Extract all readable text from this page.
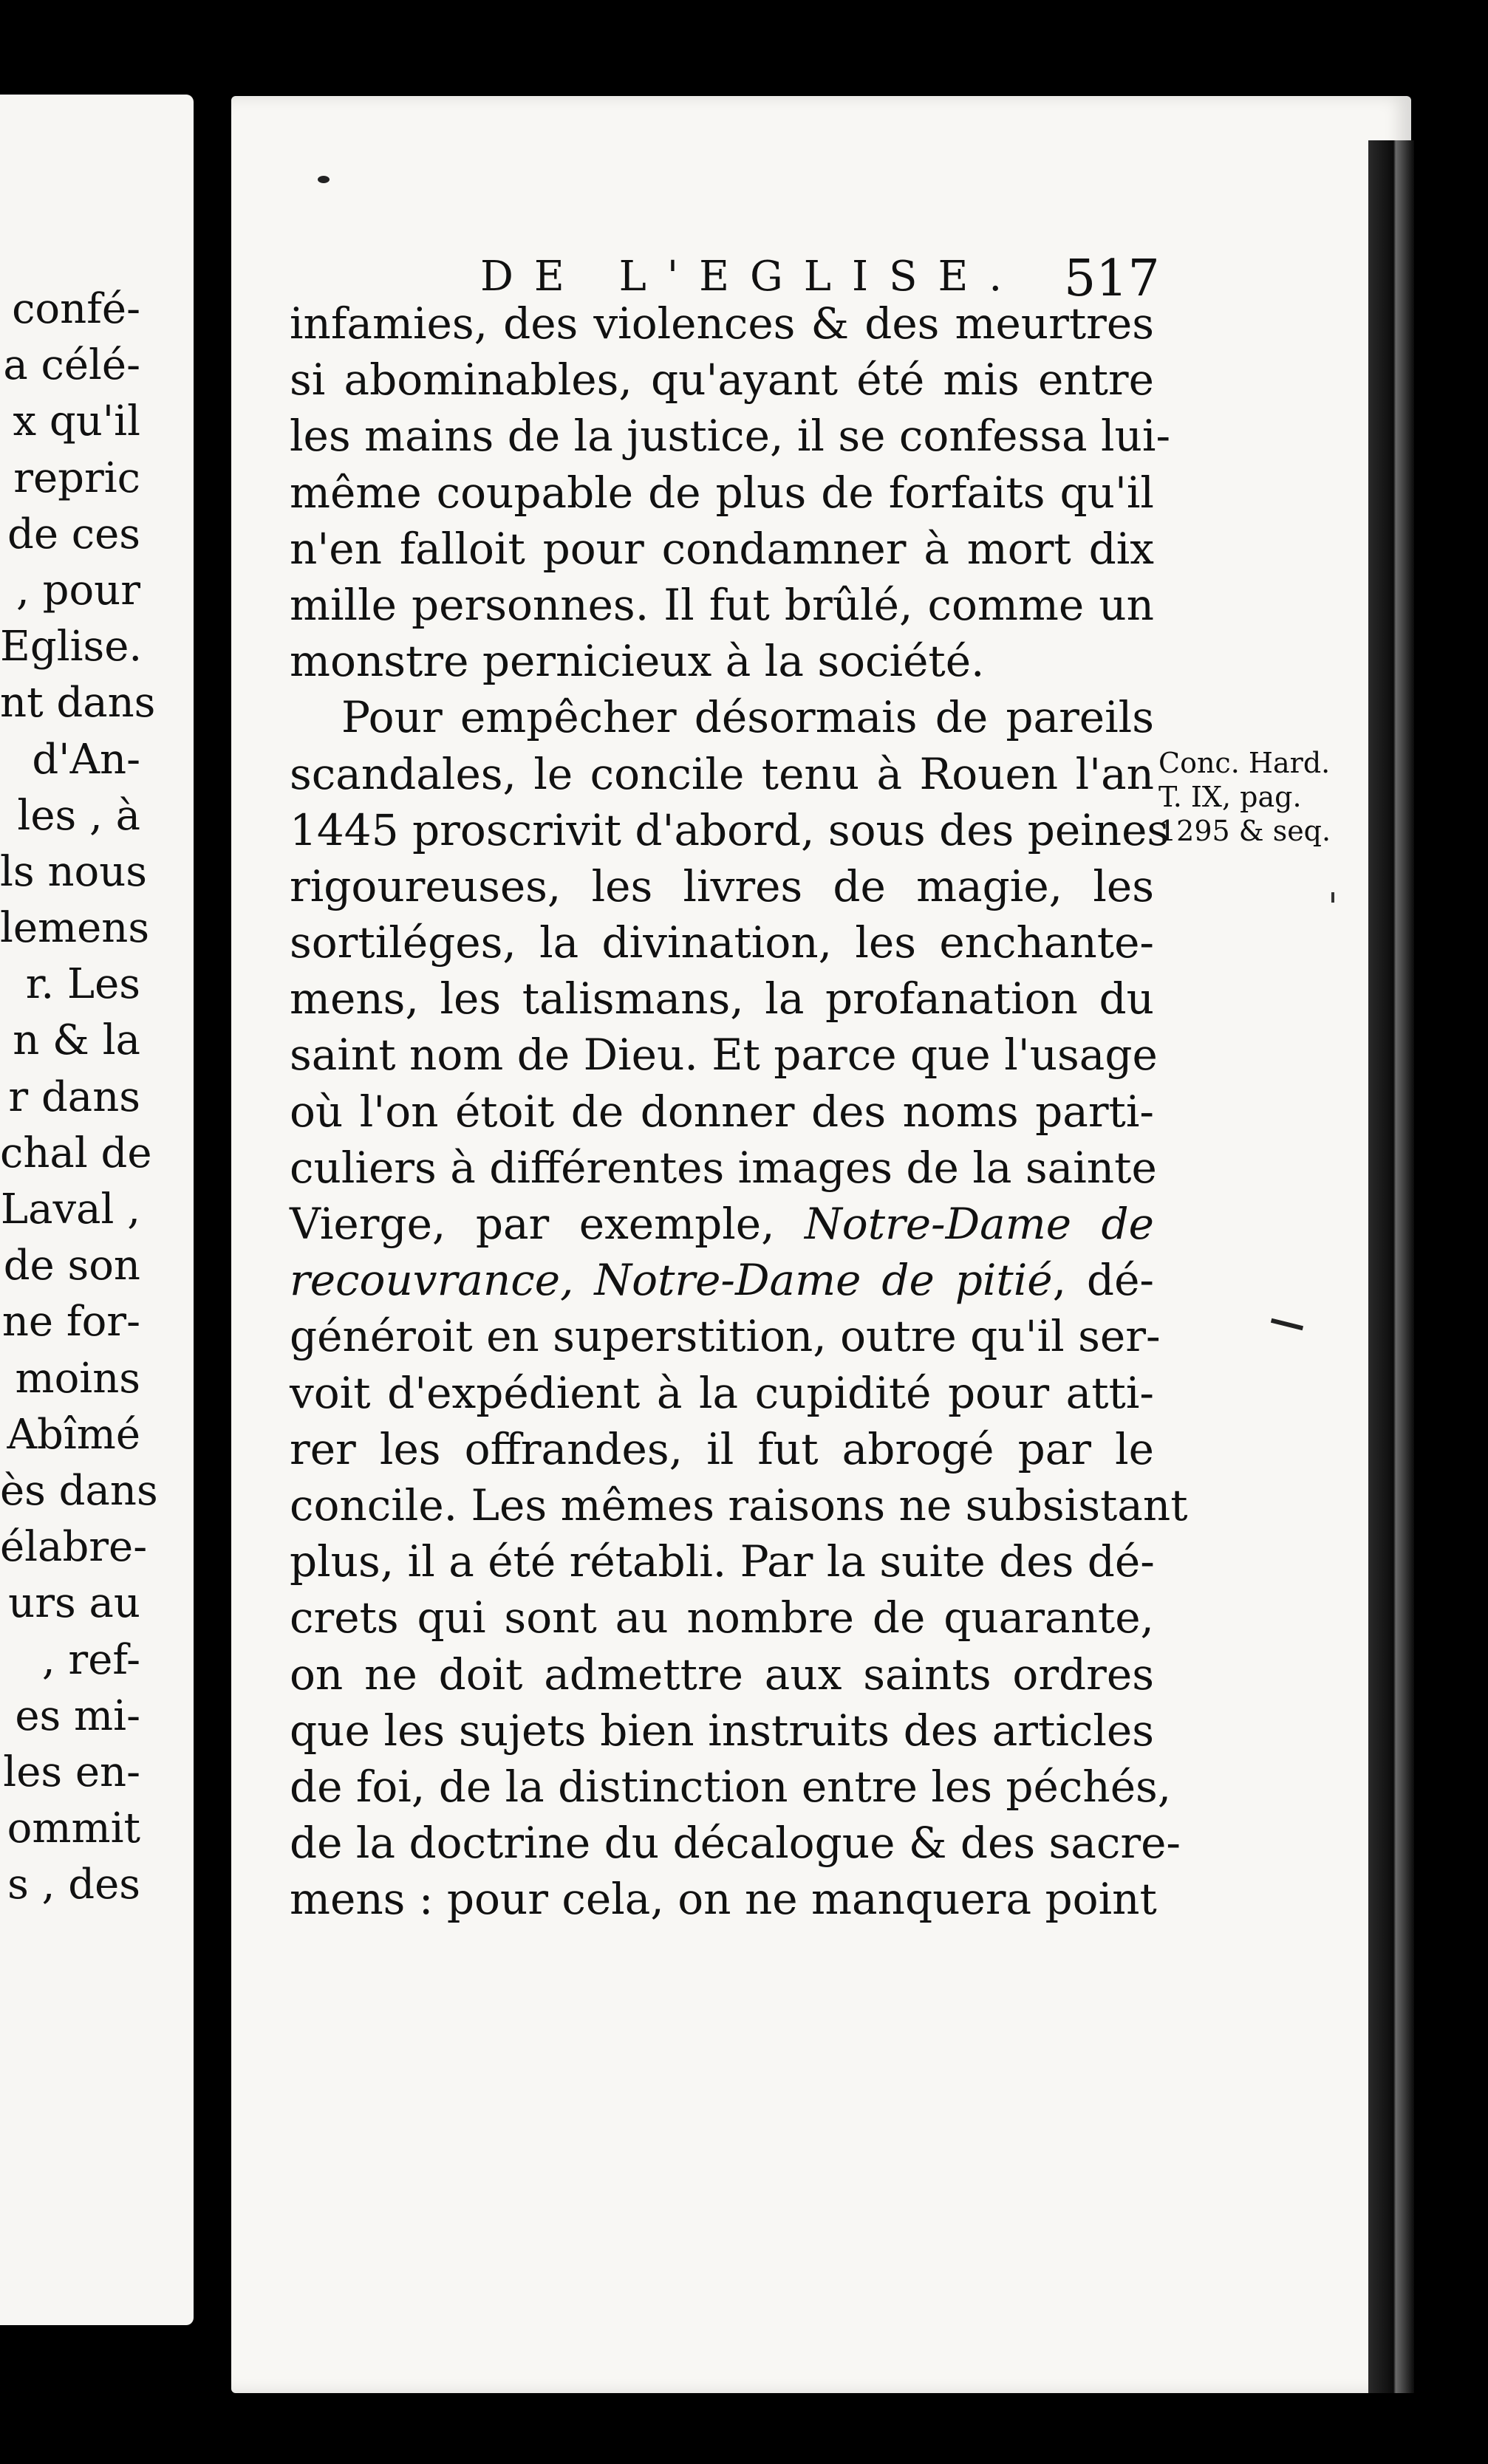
confé-
a célé-
x qu'il
repric
de ces
, pour
Eglise.
nt dans
d'An-
les , à
ls nous
lemens
r. Les
n & la
r dans
chal de
Laval ,
de son
ne for-
moins
Abîmé
ès dans
élabre-
urs au
, ref-
es mi-
les en-
ommit
s , des
DE L'EGLISE. 517
infamies, des violences & des meurtres
si abominables, qu'ayant été mis entre
les mains de la justice, il se confessa lui-
même coupable de plus de forfaits qu'il
n'en falloit pour condamner à mort dix
mille personnes. Il fut brûlé, comme un
monstre pernicieux à la société.
Pour empêcher désormais de pareils
scandales, le concile tenu à Rouen l'an
1445 proscrivit d'abord, sous des peines
rigoureuses, les livres de magie, les
sortiléges, la divination, les enchante-
mens, les talismans, la profanation du
saint nom de Dieu. Et parce que l'usage
où l'on étoit de donner des noms parti-
culiers à différentes images de la sainte
Vierge, par exemple, Notre-Dame de
recouvrance, Notre-Dame de pitié, dé-
généroit en superstition, outre qu'il ser-
voit d'expédient à la cupidité pour atti-
rer les offrandes, il fut abrogé par le
concile. Les mêmes raisons ne subsistant
plus, il a été rétabli. Par la suite des dé-
crets qui sont au nombre de quarante,
on ne doit admettre aux saints ordres
que les sujets bien instruits des articles
de foi, de la distinction entre les péchés,
de la doctrine du décalogue & des sacre-
mens : pour cela, on ne manquera point
Conc. Hard.
T. IX, pag.
1295 & seq.
